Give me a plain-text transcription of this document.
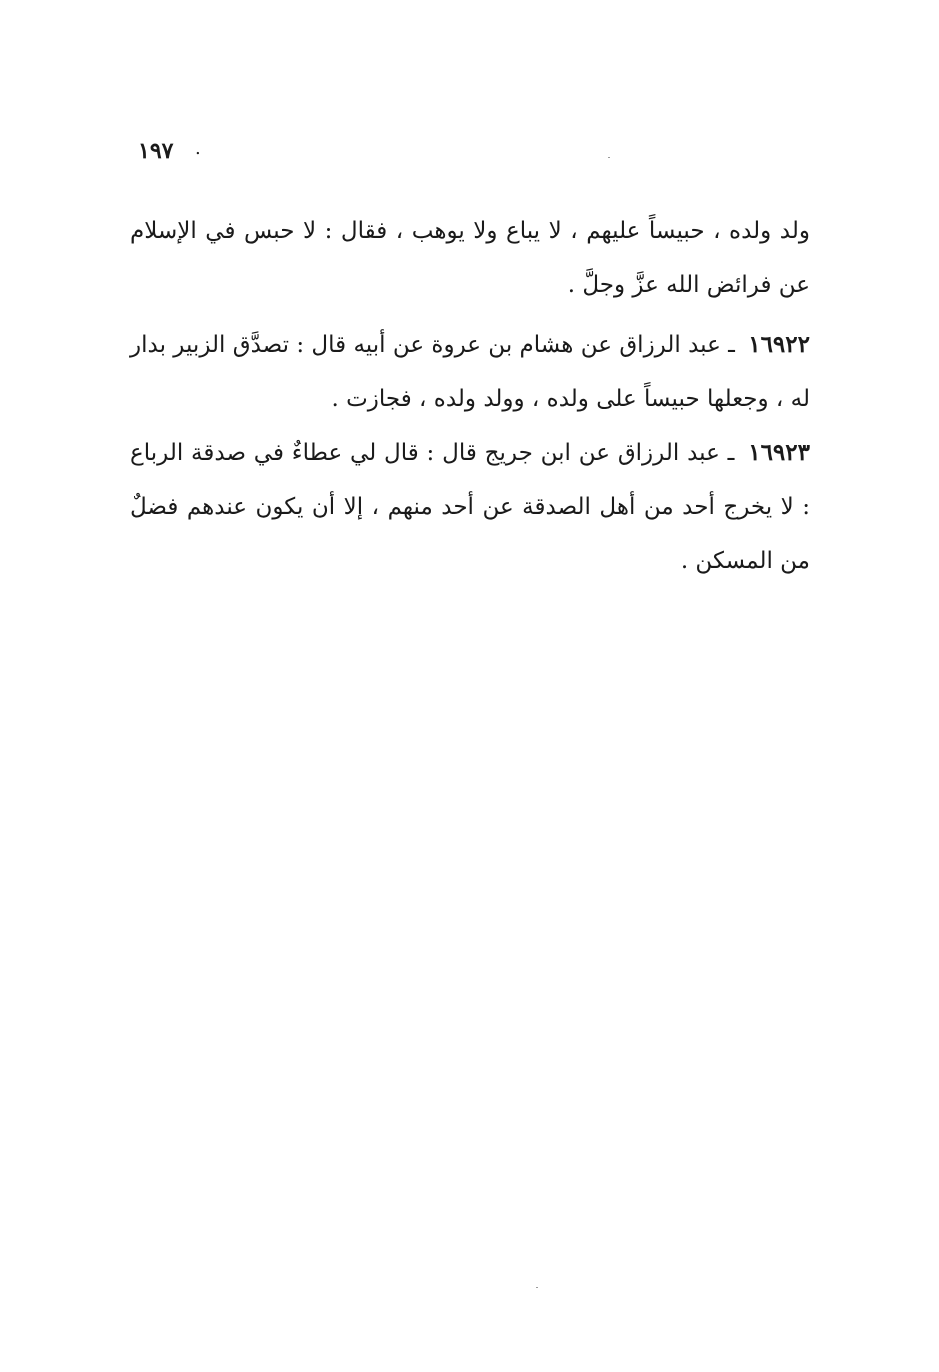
١٩٧ .
ولد ولده ، حبيساً عليهم ، لا يباع ولا يوهب ، فقال : لا حبس في الإسلام عن فرائض الله عزَّ وجلَّ .
١٦٩٢٢ ـ عبد الرزاق عن هشام بن عروة عن أبيه قال : تصدَّق الزبير بدار له ، وجعلها حبيساً على ولده ، وولد ولده ، فجازت .
١٦٩٢٣ ـ عبد الرزاق عن ابن جريج قال : قال لي عطاءٌ في صدقة الرباع : لا يخرج أحد من أهل الصدقة عن أحد منهم ، إلا أن يكون عندهم فضلٌ من المسكن .
